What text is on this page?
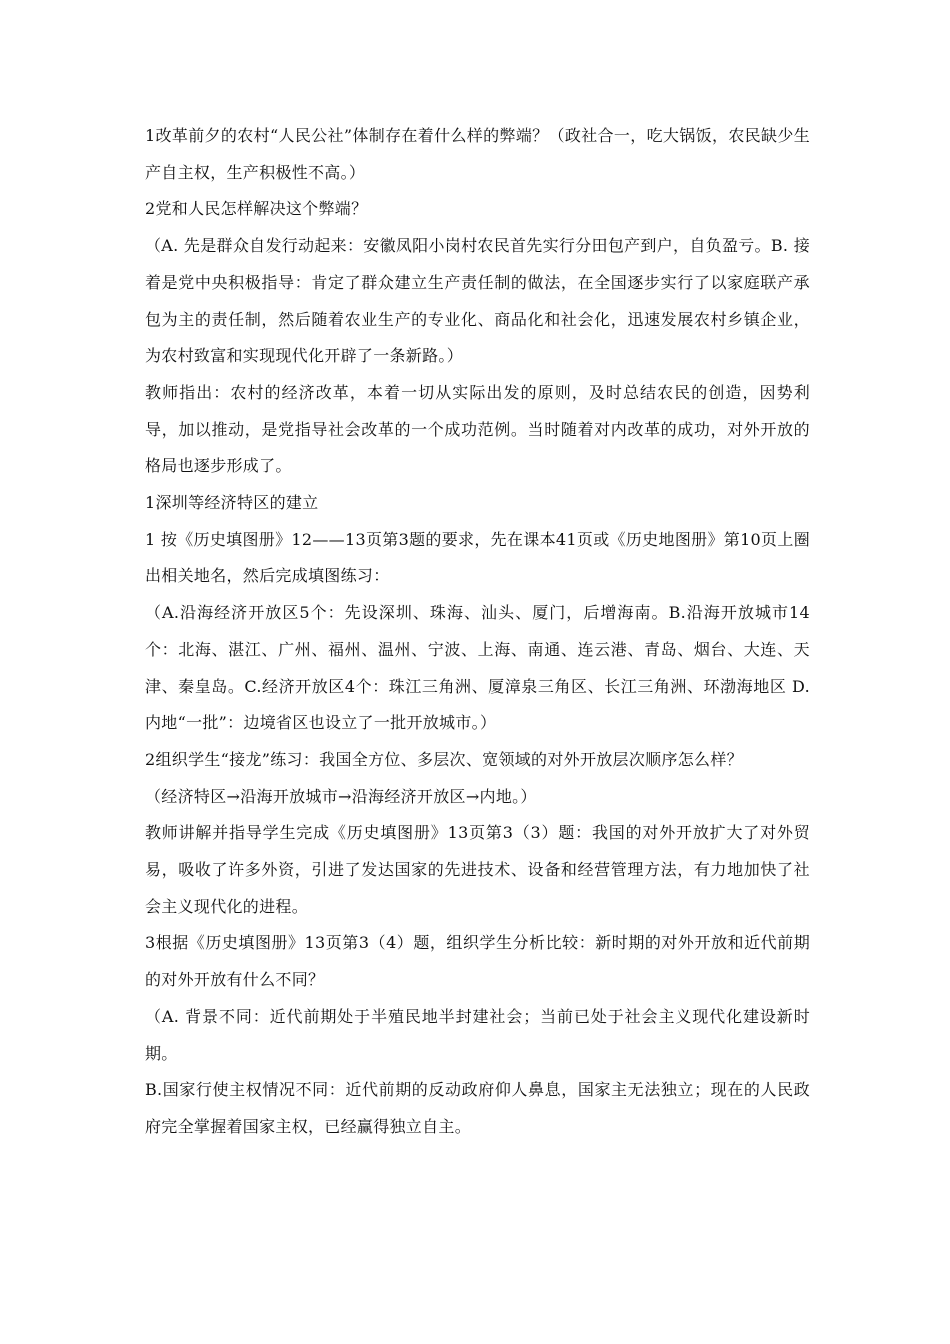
1改革前夕的农村“人民公社”体制存在着什么样的弊端？（政社合一，吃大锅饭，农民缺少生产自主权，生产积极性不高。）

2党和人民怎样解决这个弊端？

（A. 先是群众自发行动起来：安徽凤阳小岗村农民首先实行分田包产到户，自负盈亏。B. 接着是党中央积极指导：肯定了群众建立生产责任制的做法，在全国逐步实行了以家庭联产承包为主的责任制，然后随着农业生产的专业化、商品化和社会化，迅速发展农村乡镇企业，为农村致富和实现现代化开辟了一条新路。）

教师指出：农村的经济改革，本着一切从实际出发的原则，及时总结农民的创造，因势利导，加以推动，是党指导社会改革的一个成功范例。当时随着对内改革的成功，对外开放的格局也逐步形成了。

1深圳等经济特区的建立

1 按《历史填图册》12——13页第3题的要求，先在课本41页或《历史地图册》第10页上圈出相关地名，然后完成填图练习：

（A.沿海经济开放区5个：先设深圳、珠海、汕头、厦门，后增海南。B.沿海开放城市14个：北海、湛江、广州、福州、温州、宁波、上海、南通、连云港、青岛、烟台、大连、天津、秦皇岛。C.经济开放区4个：珠江三角洲、厦漳泉三角区、长江三角洲、环渤海地区 D.内地“一批”：边境省区也设立了一批开放城市。）

2组织学生“接龙”练习：我国全方位、多层次、宽领域的对外开放层次顺序怎么样？

（经济特区→沿海开放城市→沿海经济开放区→内地。）

教师讲解并指导学生完成《历史填图册》13页第3（3）题：我国的对外开放扩大了对外贸易，吸收了许多外资，引进了发达国家的先进技术、设备和经营管理方法，有力地加快了社会主义现代化的进程。

3根据《历史填图册》13页第3（4）题，组织学生分析比较：新时期的对外开放和近代前期的对外开放有什么不同？

（A. 背景不同：近代前期处于半殖民地半封建社会；当前已处于社会主义现代化建设新时期。

B.国家行使主权情况不同：近代前期的反动政府仰人鼻息，国家主无法独立；现在的人民政府完全掌握着国家主权，已经赢得独立自主。
